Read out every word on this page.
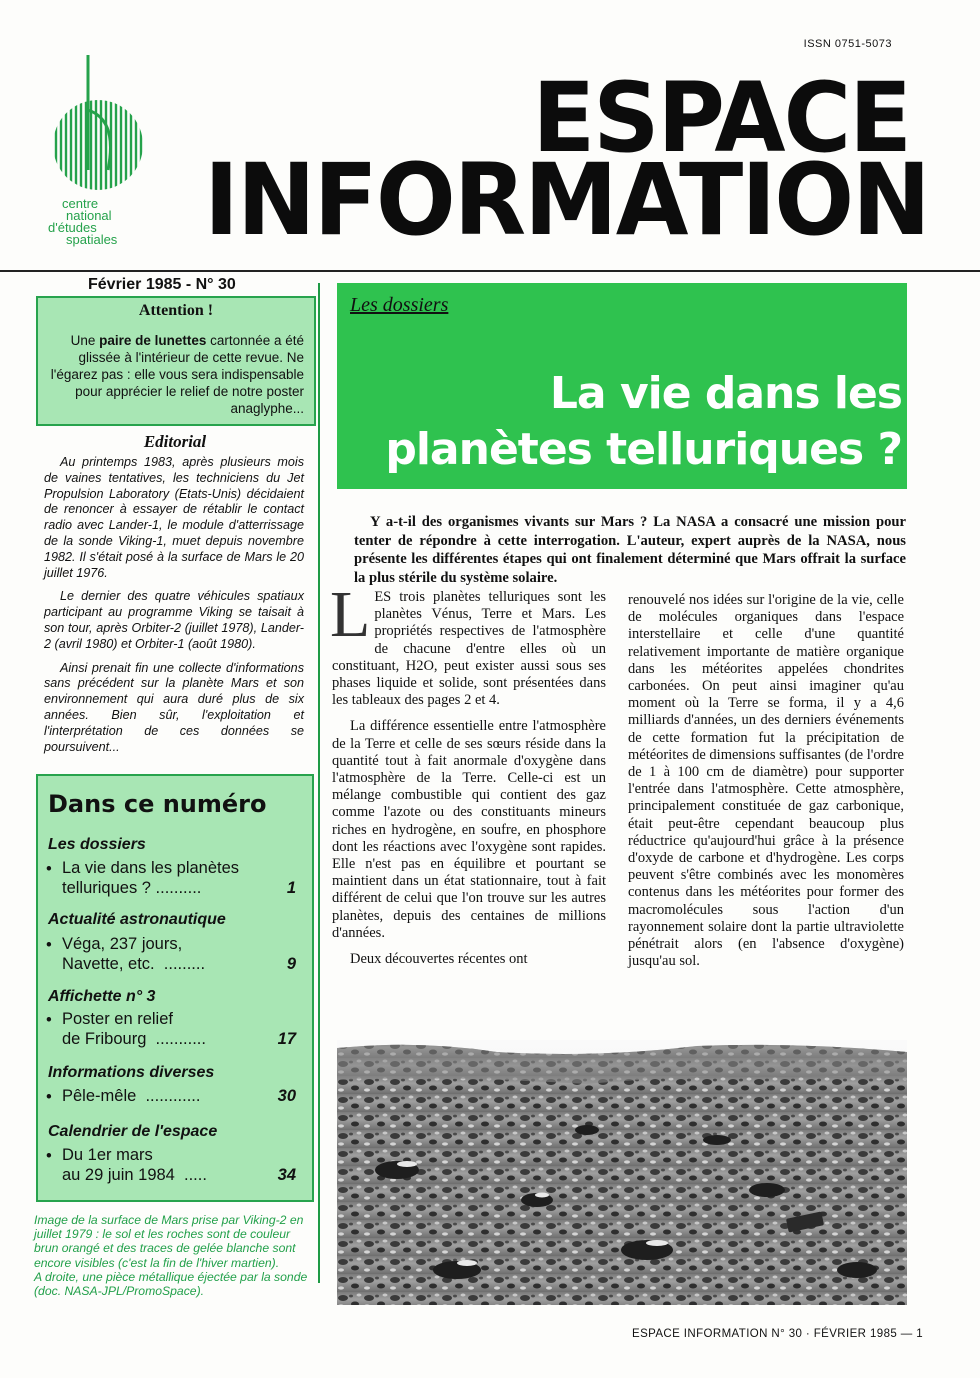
centre
national
d'études
spatiales
ISSN 0751-5073
ESPACE
INFORMATION
Février 1985 - N° 30
Attention !
Une paire de lunettes cartonnée a été glissée à l'intérieur de cette revue. Ne l'égarez pas : elle vous sera indispensable pour apprécier le relief de notre poster anaglyphe...
Editorial

Au printemps 1983, après plusieurs mois de vaines tentatives, les techniciens du Jet Propulsion Laboratory (Etats-Unis) décidaient de renoncer à essayer de rétablir le contact radio avec Lander-1, le module d'atterrissage de la sonde Viking-1, muet depuis novembre 1982. Il s'était posé à la surface de Mars le 20 juillet 1976.

Le dernier des quatre véhicules spatiaux participant au programme Viking se taisait à son tour, après Orbiter-2 (juillet 1978), Lander-2 (avril 1980) et Orbiter-1 (août 1980).

Ainsi prenait fin une collecte d'informations sans précédent sur la planète Mars et son environnement qui aura duré plus de six années. Bien sûr, l'exploitation et l'interprétation de ces données se poursuivent...

Dans ce numéro
Les dossiers
• La vie dans les planètes
telluriques ? ..........	1
Actualité astronautique
• Véga, 237 jours,
Navette, etc.  .........	9
Affichette n° 3
• Poster en relief
de Fribourg  ...........	17
Informations diverses
• Pêle-mêle  ............	30
Calendrier de l'espace
• Du 1er mars
au 29 juin 1984  .....	34
Image de la surface de Mars prise par Viking-2 en juillet 1979 : le sol et les roches sont de couleur brun orangé et des traces de gelée blanche sont encore visibles (c'est la fin de l'hiver martien).
A droite, une pièce métallique éjectée par la sonde (doc. NASA-JPL/PromoSpace).
Les dossiers
La vie dans les
planètes telluriques ?
Y a-t-il des organismes vivants sur Mars ? La NASA a consacré une mission pour tenter de répondre à cette interrogation. L'auteur, expert auprès de la NASA, nous présente les différentes étapes qui ont finalement déterminé que Mars offrait la surface la plus stérile du système solaire.

LES trois planètes telluriques sont les planètes Vénus, Terre et Mars. Les propriétés respectives de l'atmosphère de chacune d'entre elles où un constituant, H2O, peut exister aussi sous ses phases liquide et solide, sont présentées dans les tableaux des pages 2 et 4.

La différence essentielle entre l'atmosphère de la Terre et celle de ses sœurs réside dans la quantité tout à fait anormale d'oxygène dans l'atmosphère de la Terre. Celle-ci est un mélange combustible qui contient des gaz comme l'azote ou des constituants mineurs riches en hydrogène, en soufre, en phosphore dont les réactions avec l'oxygène sont rapides. Elle n'est pas en équilibre et pourtant se maintient dans un état stationnaire, tout à fait différent de celui que l'on trouve sur les autres planètes, depuis des centaines de millions d'années.

Deux découvertes récentes ont

renouvelé nos idées sur l'origine de la vie, celle de molécules organiques dans l'espace interstellaire et celle d'une quantité relativement importante de matière organique dans les météorites appelées chondrites carbonées. On peut ainsi imaginer qu'au moment où la Terre se forma, il y a 4,6 milliards d'années, un des derniers événements de cette formation fut la précipitation de météorites de dimensions suffisantes (de l'ordre de 1 à 100 cm de diamètre) pour supporter l'entrée dans l'atmosphère. Cette atmosphère, principalement constituée de gaz carbonique, était peut-être cependant beaucoup plus réductrice qu'aujourd'hui grâce à la présence d'oxyde de carbone et d'hydrogène. Les corps peuvent s'être combinés avec les monomères contenus dans les météorites pour former des macromolécules sous l'action d'un rayonnement solaire dont la partie ultraviolette pénétrait alors (en l'absence d'oxygène) jusqu'au sol.

ESPACE INFORMATION N° 30 · FÉVRIER 1985 — 1
